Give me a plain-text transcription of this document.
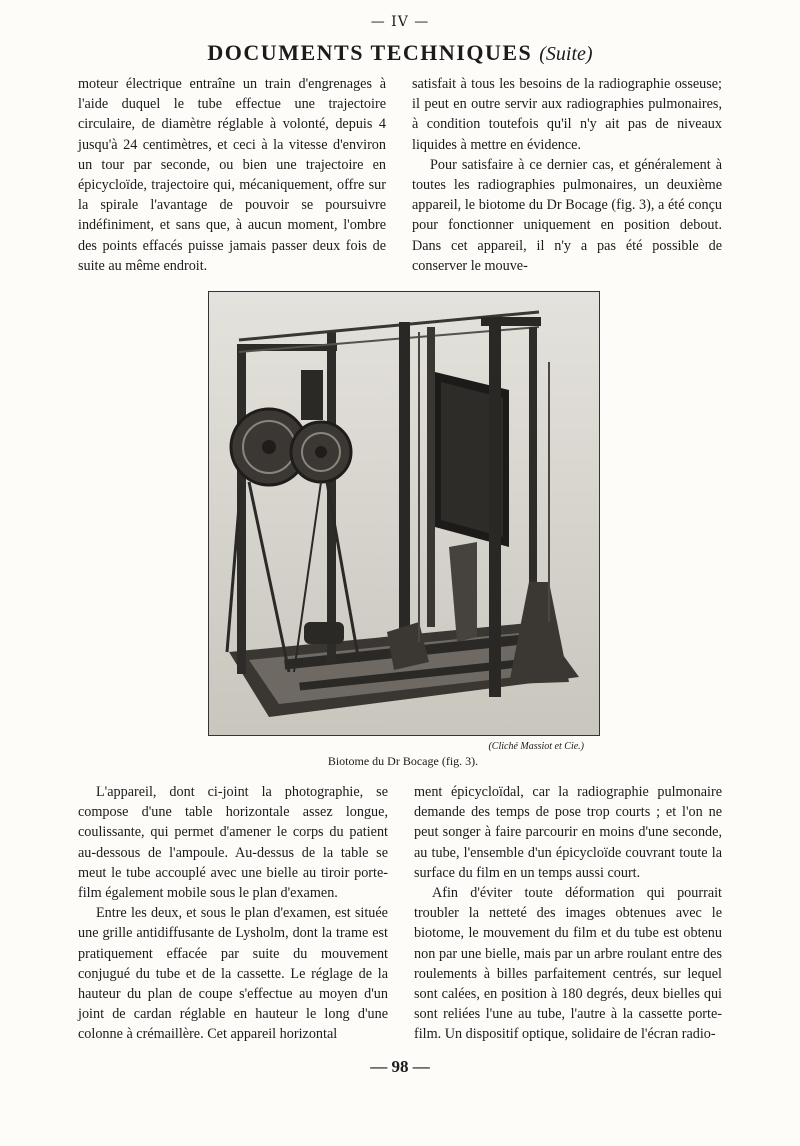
— IV —
DOCUMENTS TECHNIQUES (Suite)

moteur électrique entraîne un train d'engrenages à l'aide duquel le tube effectue une trajectoire circulaire, de diamètre réglable à volonté, depuis 4 jusqu'à 24 centimètres, et ceci à la vitesse d'environ un tour par seconde, ou bien une trajectoire en épicycloïde, trajectoire qui, mécaniquement, offre sur la spirale l'avantage de pouvoir se poursuivre indéfiniment, et sans que, à aucun moment, l'ombre des points effacés puisse jamais passer deux fois de suite au même endroit.

satisfait à tous les besoins de la radiographie osseuse; il peut en outre servir aux radiographies pulmonaires, à condition toutefois qu'il n'y ait pas de niveaux liquides à mettre en évidence.

Pour satisfaire à ce dernier cas, et généralement à toutes les radiographies pulmonaires, un deuxième appareil, le biotome du Dr Bocage (fig. 3), a été conçu pour fonctionner uniquement en position debout. Dans cet appareil, il n'y a pas été possible de conserver le mouve-

(Cliché Massiot et Cie.)
Biotome du Dr Bocage (fig. 3).

L'appareil, dont ci-joint la photographie, se compose d'une table horizontale assez longue, coulissante, qui permet d'amener le corps du patient au-dessous de l'ampoule. Au-dessus de la table se meut le tube accouplé avec une bielle au tiroir porte-film également mobile sous le plan d'examen.

Entre les deux, et sous le plan d'examen, est située une grille antidiffusante de Lysholm, dont la trame est pratiquement effacée par suite du mouvement conjugué du tube et de la cassette. Le réglage de la hauteur du plan de coupe s'effectue au moyen d'un joint de cardan réglable en hauteur le long d'une colonne à crémaillère. Cet appareil horizontal

ment épicycloïdal, car la radiographie pulmonaire demande des temps de pose trop courts ; et l'on ne peut songer à faire parcourir en moins d'une seconde, au tube, l'ensemble d'un épicycloïde couvrant toute la surface du film en un temps aussi court.

Afin d'éviter toute déformation qui pourrait troubler la netteté des images obtenues avec le biotome, le mouvement du film et du tube est obtenu non par une bielle, mais par un arbre roulant entre des roulements à billes parfaitement centrés, sur lequel sont calées, en position à 180 degrés, deux bielles qui sont reliées l'une au tube, l'autre à la cassette porte-film. Un dispositif optique, solidaire de l'écran radio-

— 98 —
